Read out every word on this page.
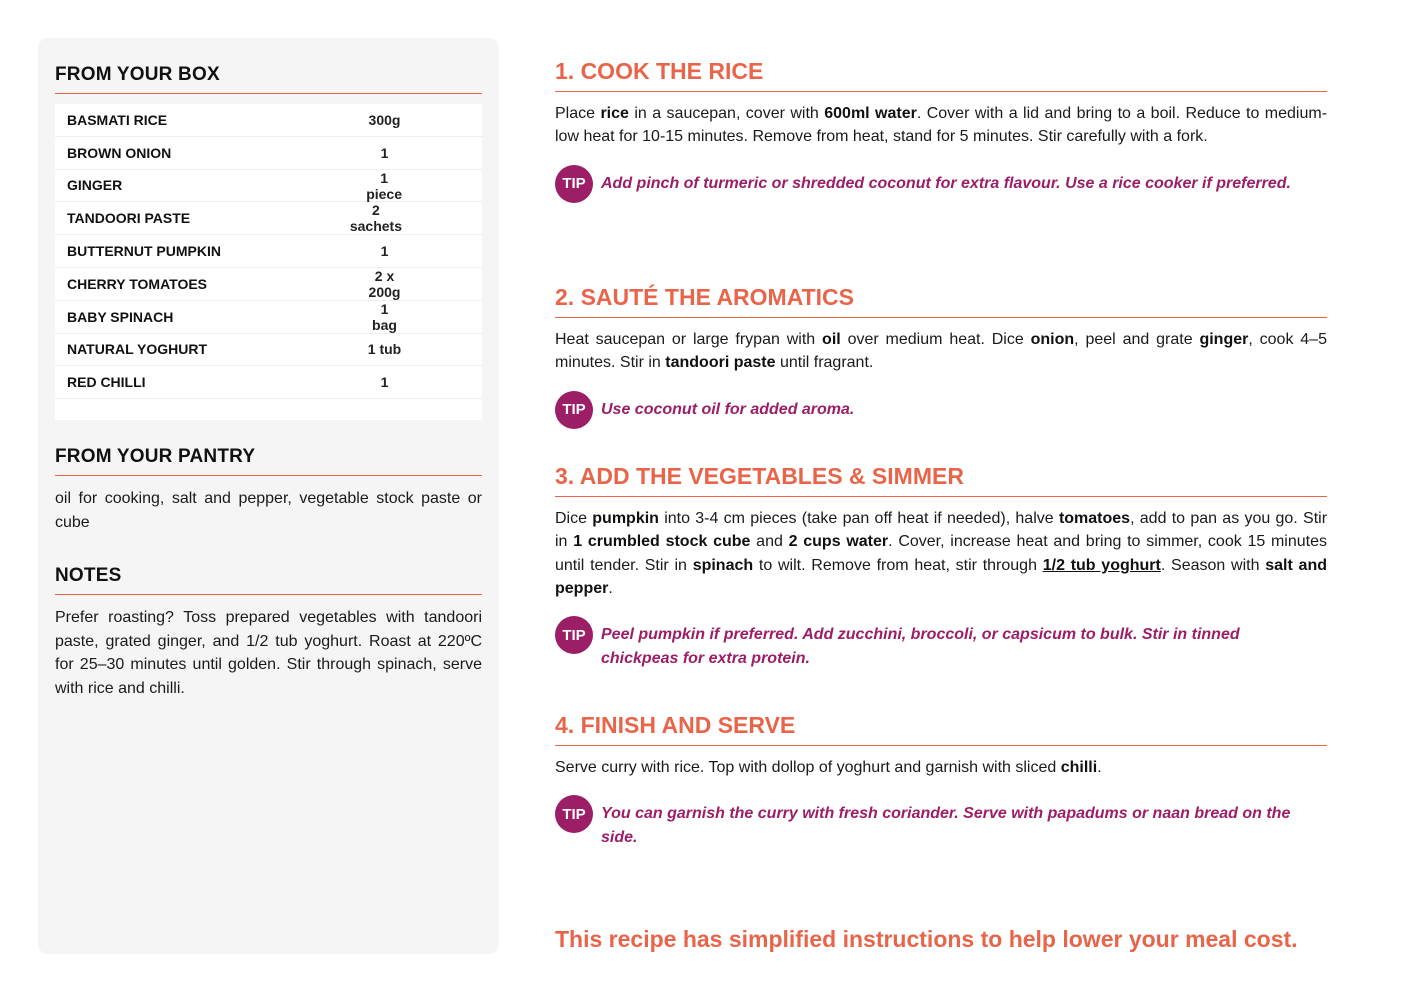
FROM YOUR BOX
BASMATI RICE	300g
BROWN ONION	1
GINGER	1 piece
TANDOORI PASTE	2 sachets
BUTTERNUT PUMPKIN	1
CHERRY TOMATOES	2 x 200g
BABY SPINACH	1 bag
NATURAL YOGHURT	1 tub
RED CHILLI	1
FROM YOUR PANTRY

oil for cooking, salt and pepper, vegetable stock paste or cube

NOTES

Prefer roasting? Toss prepared vegetables with tandoori paste, grated ginger, and 1/2 tub yoghurt. Roast at 220ºC for 25–30 minutes until golden. Stir through spinach, serve with rice and chilli.

1. COOK THE RICE

Place rice in a saucepan, cover with 600ml water. Cover with a lid and bring to a boil. Reduce to medium-low heat for 10-15 minutes. Remove from heat, stand for 5 minutes. Stir carefully with a fork.

TIP Add pinch of turmeric or shredded coconut for extra flavour. Use a rice cooker if preferred.
2. SAUTÉ THE AROMATICS

Heat saucepan or large frypan with oil over medium heat. Dice onion, peel and grate ginger, cook 4–5 minutes. Stir in tandoori paste until fragrant.

TIP Use coconut oil for added aroma.
3. ADD THE VEGETABLES & SIMMER

Dice pumpkin into 3-4 cm pieces (take pan off heat if needed), halve tomatoes, add to pan as you go. Stir in 1 crumbled stock cube and 2 cups water. Cover, increase heat and bring to simmer, cook 15 minutes until tender. Stir in spinach to wilt. Remove from heat, stir through 1/2 tub yoghurt. Season with salt and pepper.

TIP Peel pumpkin if preferred. Add zucchini, broccoli, or capsicum to bulk. Stir in tinned chickpeas for extra protein.
4. FINISH AND SERVE

Serve curry with rice. Top with dollop of yoghurt and garnish with sliced chilli.

TIP You can garnish the curry with fresh coriander. Serve with papadums or naan bread on the side.
This recipe has simplified instructions to help lower your meal cost.
